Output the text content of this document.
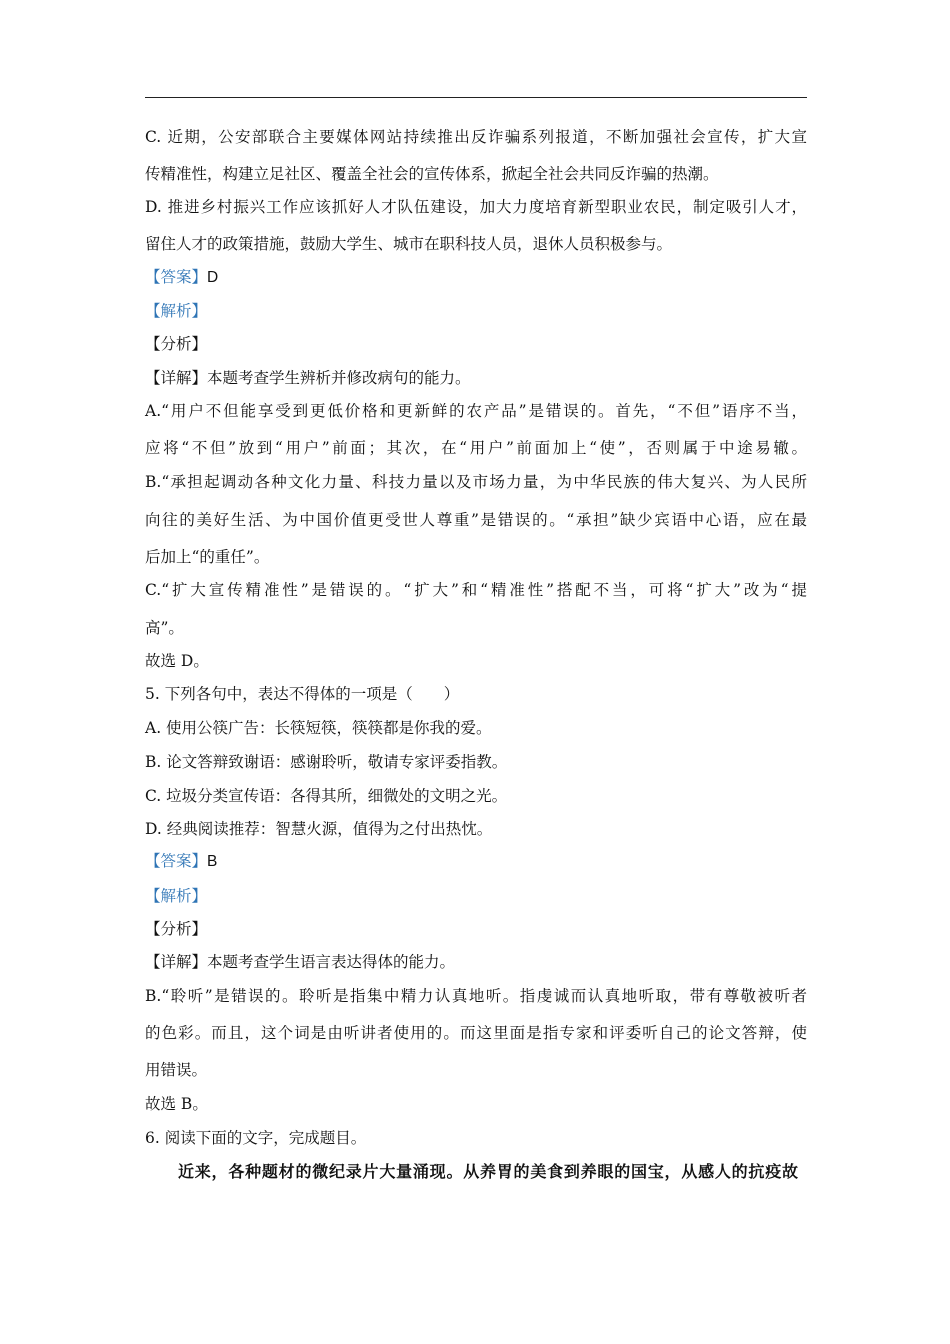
C. 近期，公安部联合主要媒体网站持续推出反诈骗系列报道，不断加强社会宣传，扩大宣
传精准性，构建立足社区、覆盖全社会的宣传体系，掀起全社会共同反诈骗的热潮。
D. 推进乡村振兴工作应该抓好人才队伍建设，加大力度培育新型职业农民，制定吸引人才，
留住人才的政策措施，鼓励大学生、城市在职科技人员，退休人员积极参与。
【答案】D
【解析】
【分析】
【详解】本题考查学生辨析并修改病句的能力。
A.“用户不但能享受到更低价格和更新鲜的农产品”是错误的。首先，“不但”语序不当，
应将“不但”放到“用户”前面；其次，在“用户”前面加上“使”，否则属于中途易辙。
B.“承担起调动各种文化力量、科技力量以及市场力量，为中华民族的伟大复兴、为人民所
向往的美好生活、为中国价值更受世人尊重”是错误的。“承担”缺少宾语中心语，应在最
后加上“的重任”。
C.“扩大宣传精准性”是错误的。“扩大”和“精准性”搭配不当，可将“扩大”改为“提
高”。
故选 D。
5. 下列各句中，表达不得体的一项是（　　）
A. 使用公筷广告：长筷短筷，筷筷都是你我的爱。
B. 论文答辩致谢语：感谢聆听，敬请专家评委指教。
C. 垃圾分类宣传语：各得其所，细微处的文明之光。
D. 经典阅读推荐：智慧火源，值得为之付出热忱。
【答案】B
【解析】
【分析】
【详解】本题考查学生语言表达得体的能力。
B.“聆听”是错误的。聆听是指集中精力认真地听。指虔诚而认真地听取，带有尊敬被听者
的色彩。而且，这个词是由听讲者使用的。而这里面是指专家和评委听自己的论文答辩，使
用错误。
故选 B。
6. 阅读下面的文字，完成题目。
近来，各种题材的微纪录片大量涌现。从养胃的美食到养眼的国宝，从感人的抗疫故
